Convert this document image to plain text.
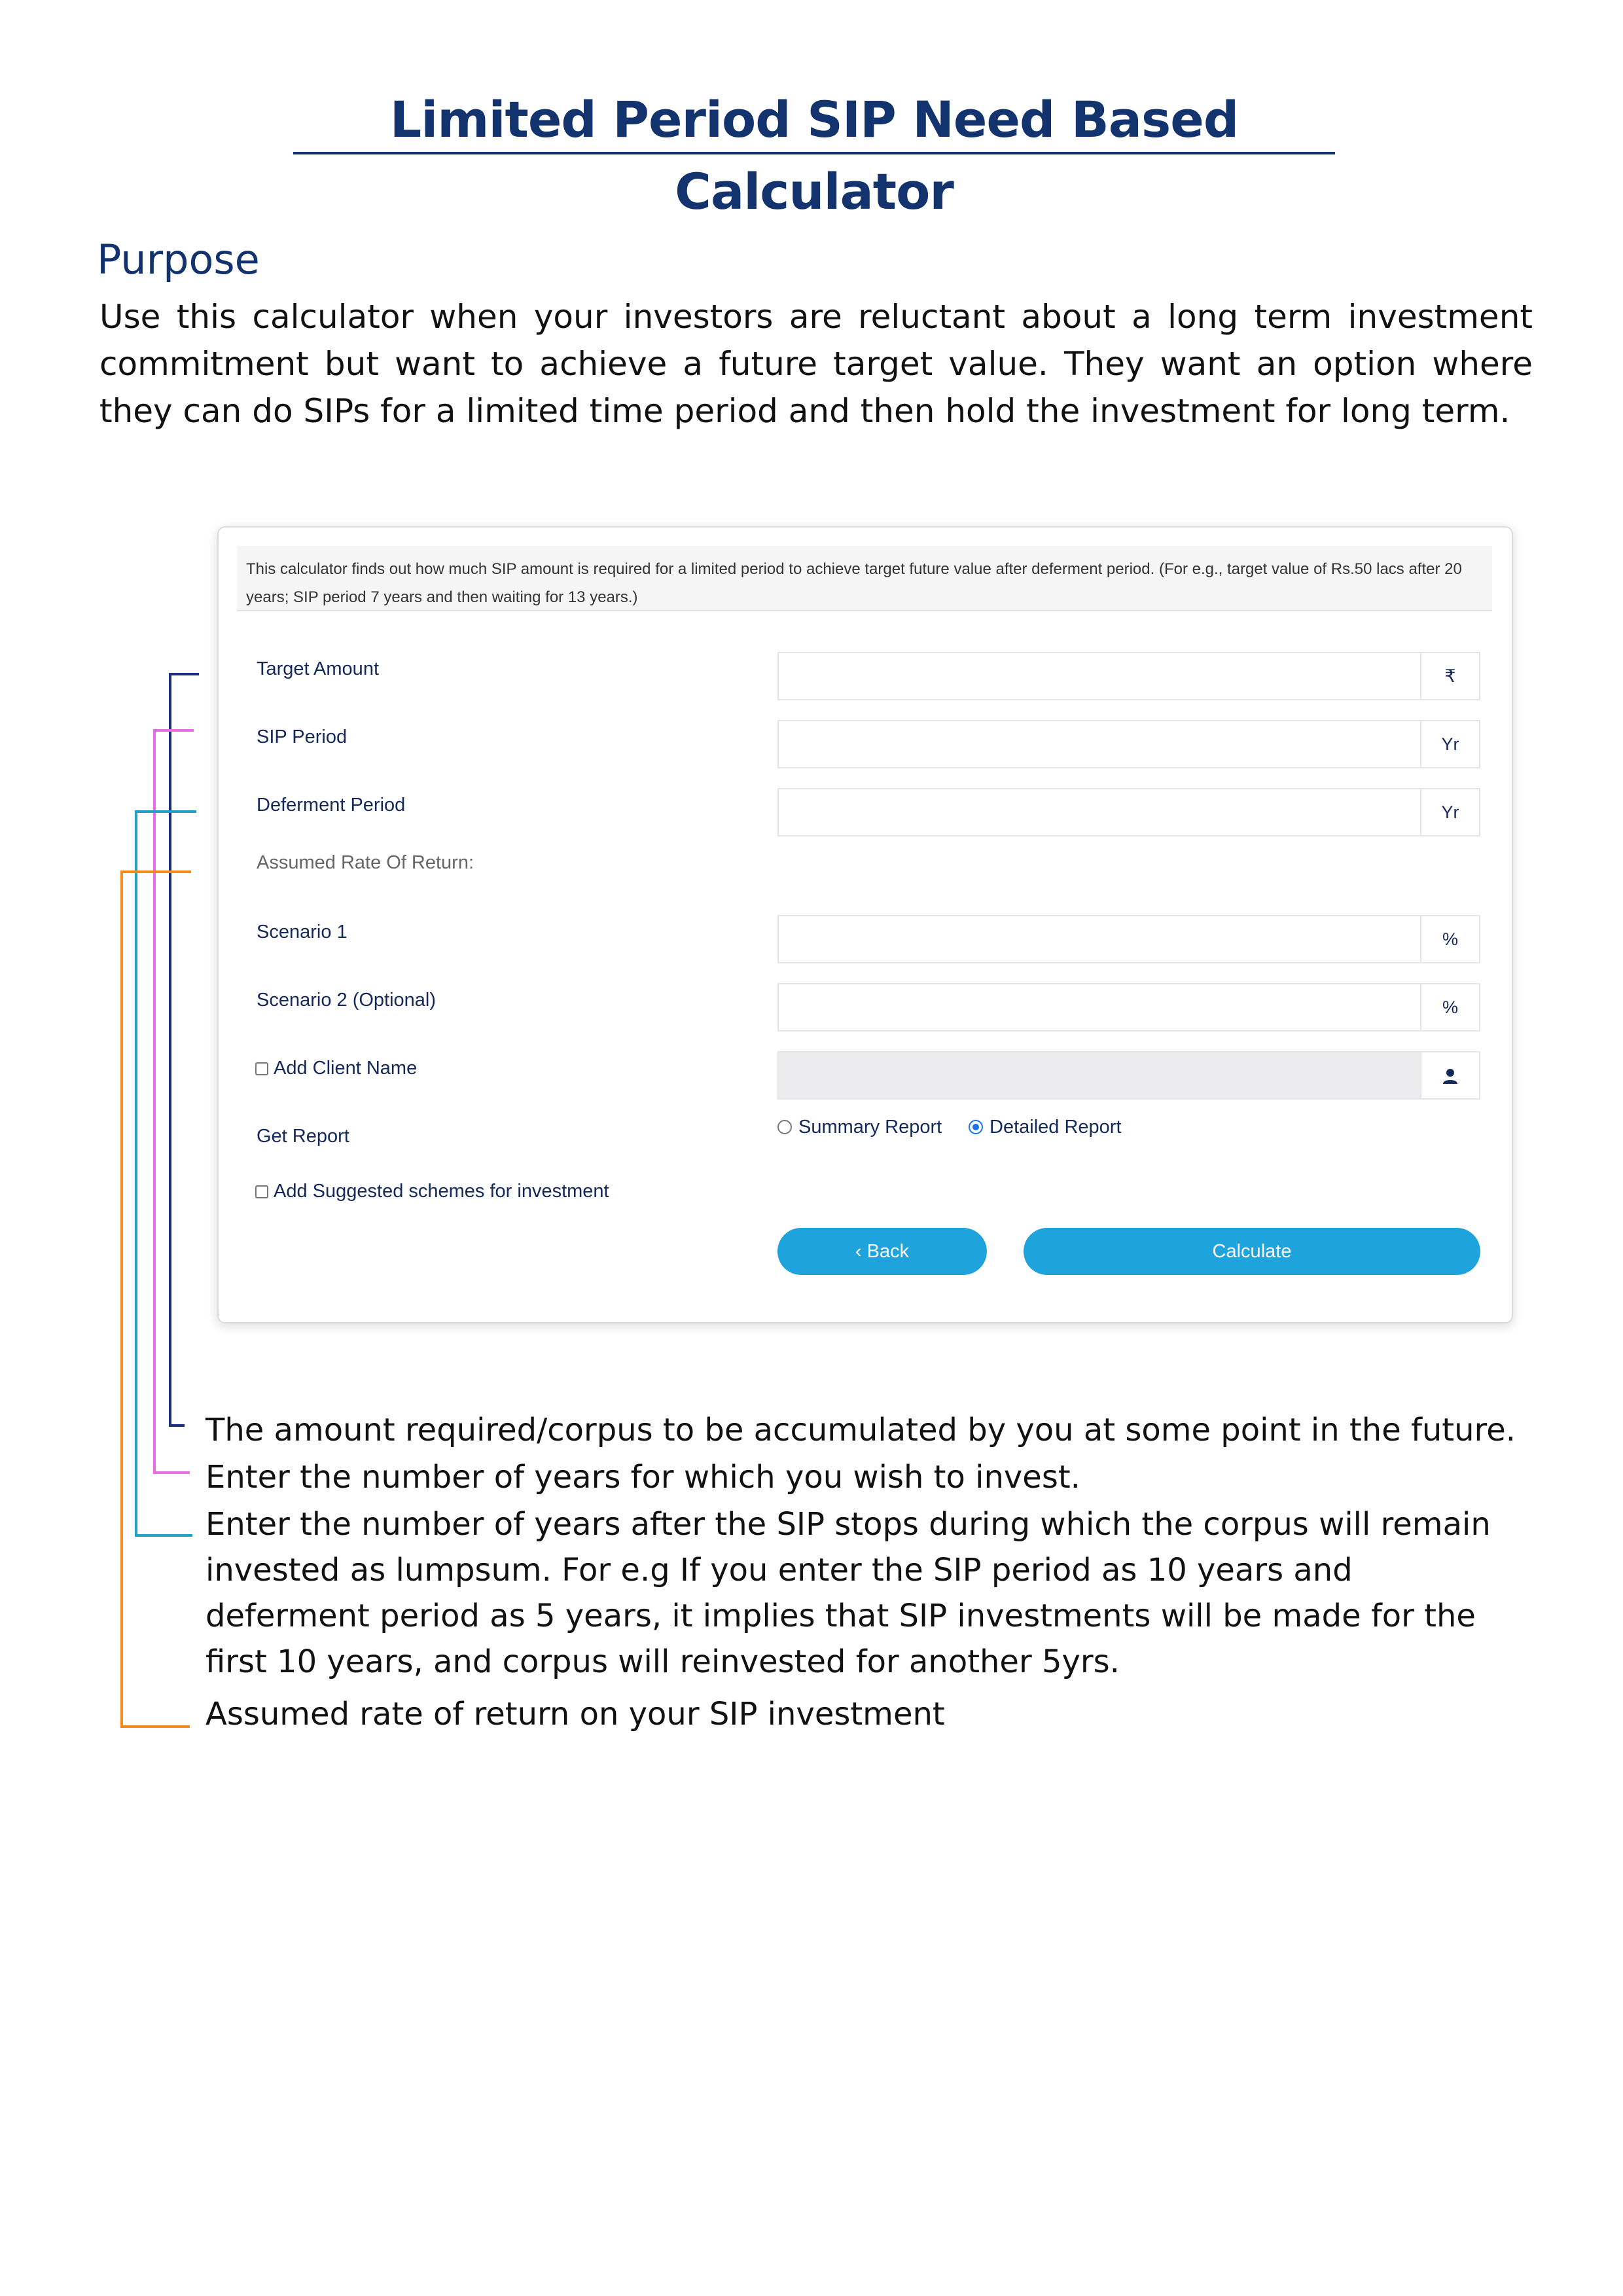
Limited Period SIP Need Based Calculator
Purpose

Use this calculator when your investors are reluctant about a long term investment commitment but want to achieve a future target value. They want an option where they can do SIPs for a limited time period and then hold the investment for long term.

This calculator finds out how much SIP amount is required for a limited period to achieve target future value after deferment period. (For e.g., target value of Rs.50 lacs after 20 years; SIP period 7 years and then waiting for 13 years.)
Target Amount	₹
SIP Period	Yr
Deferment Period	Yr
Assumed Rate Of Return:
Scenario 1	%
Scenario 2 (Optional)	%
Add Client Name
Get Report	Summary Report	Detailed Report
Add Suggested schemes for investment
‹ Back	Calculate

The amount required/corpus to be accumulated by you at some point in the future.

Enter the number of years for which you wish to invest.

Enter the number of years after the SIP stops during which the corpus will remain invested as lumpsum. For e.g If you enter the SIP period as 10 years and deferment period as 5 years, it implies that SIP investments will be made for the first 10 years, and corpus will reinvested for another 5yrs.

Assumed rate of return on your SIP investment
